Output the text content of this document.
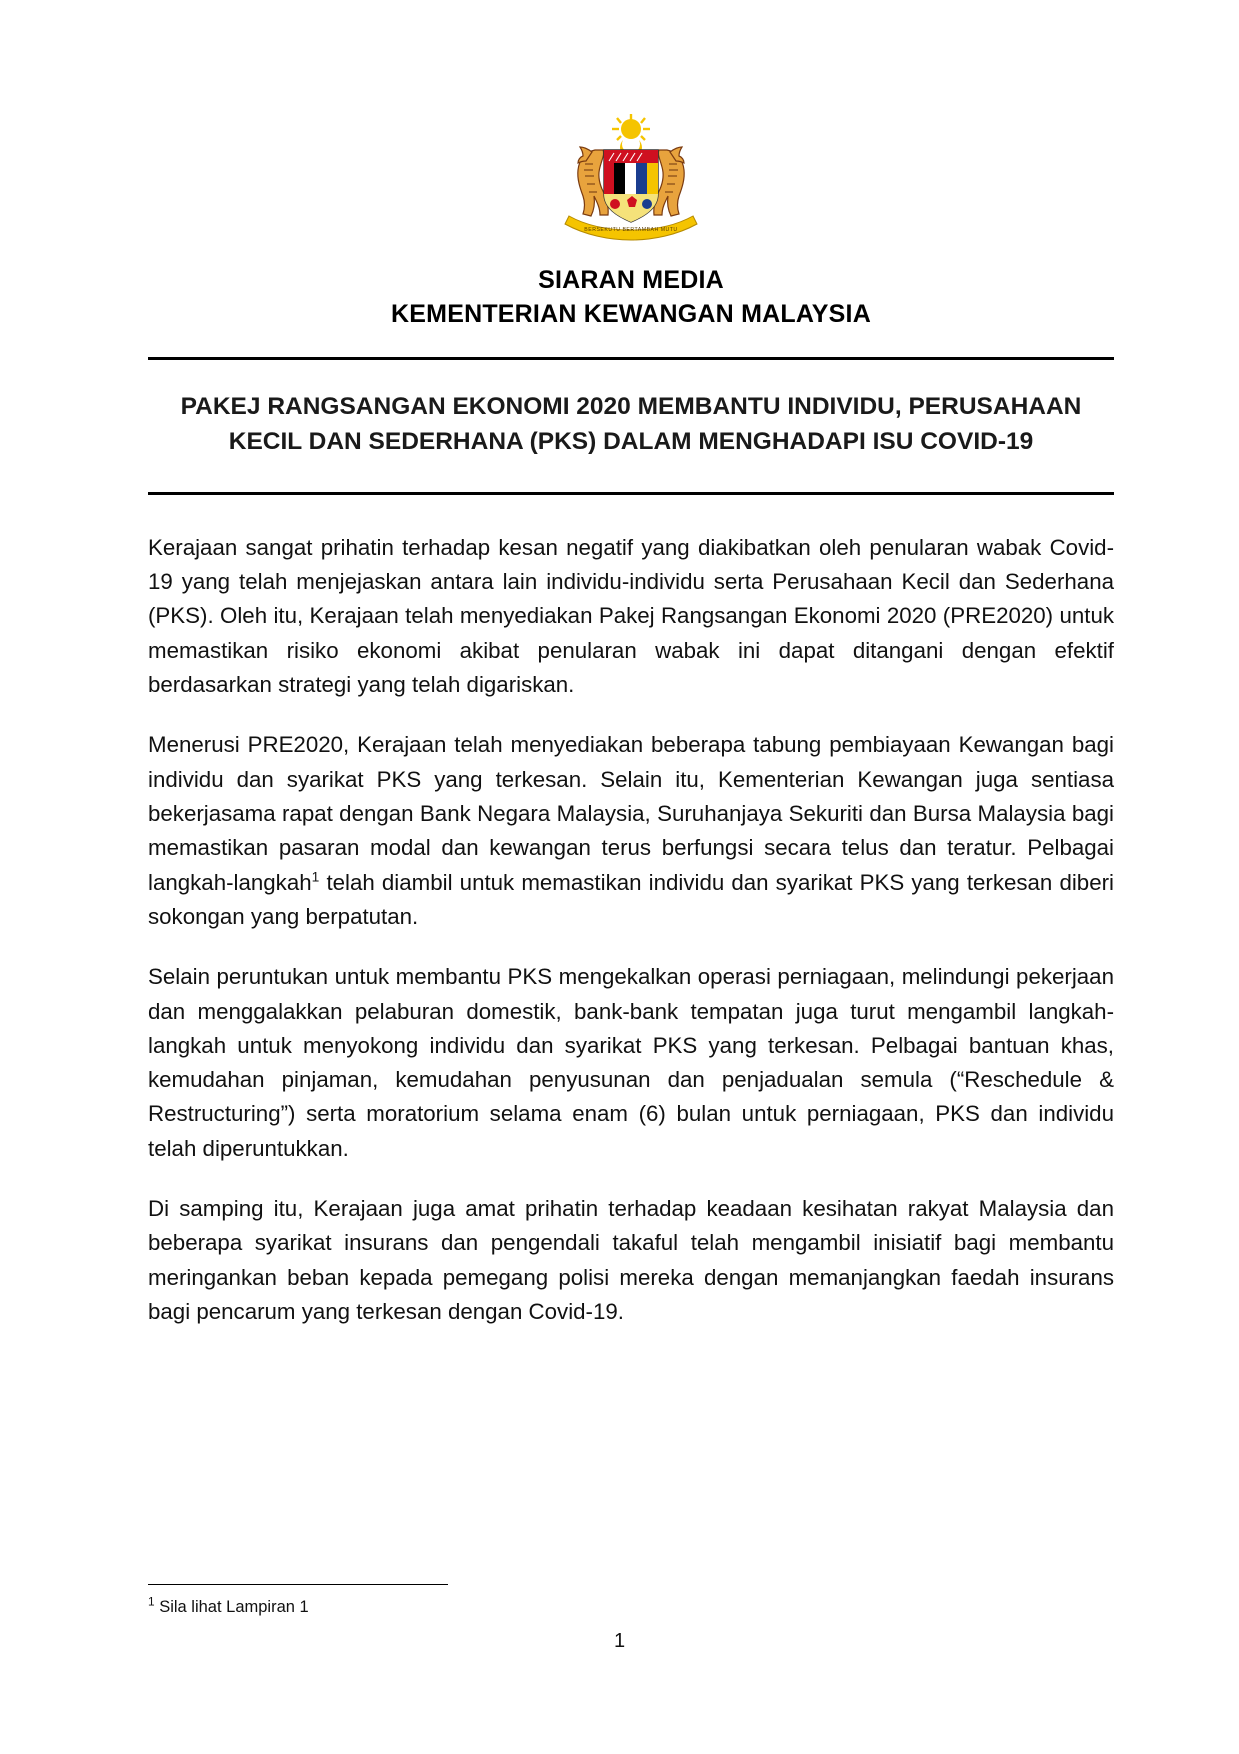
BERSEKUTU BERTAMBAH MUTU
SIARAN MEDIA
KEMENTERIAN KEWANGAN MALAYSIA
PAKEJ RANGSANGAN EKONOMI 2020 MEMBANTU INDIVIDU, PERUSAHAAN KECIL DAN SEDERHANA (PKS) DALAM MENGHADAPI ISU COVID-19

Kerajaan sangat prihatin terhadap kesan negatif yang diakibatkan oleh penularan wabak Covid-19 yang telah menjejaskan antara lain individu-individu serta Perusahaan Kecil dan Sederhana (PKS). Oleh itu, Kerajaan telah menyediakan Pakej Rangsangan Ekonomi 2020 (PRE2020) untuk memastikan risiko ekonomi akibat penularan wabak ini dapat ditangani dengan efektif berdasarkan strategi yang telah digariskan.

Menerusi PRE2020, Kerajaan telah menyediakan beberapa tabung pembiayaan Kewangan bagi individu dan syarikat PKS yang terkesan. Selain itu, Kementerian Kewangan juga sentiasa bekerjasama rapat dengan Bank Negara Malaysia, Suruhanjaya Sekuriti dan Bursa Malaysia bagi memastikan pasaran modal dan kewangan terus berfungsi secara telus dan teratur. Pelbagai langkah-langkah$^1$ telah diambil untuk memastikan individu dan syarikat PKS yang terkesan diberi sokongan yang berpatutan.

Selain peruntukan untuk membantu PKS mengekalkan operasi perniagaan, melindungi pekerjaan dan menggalakkan pelaburan domestik, bank-bank tempatan juga turut mengambil langkah-langkah untuk menyokong individu dan syarikat PKS yang terkesan. Pelbagai bantuan khas, kemudahan pinjaman, kemudahan penyusunan dan penjadualan semula (“Reschedule & Restructuring”) serta moratorium selama enam (6) bulan untuk perniagaan, PKS dan individu telah diperuntukkan.

Di samping itu, Kerajaan juga amat prihatin terhadap keadaan kesihatan rakyat Malaysia dan beberapa syarikat insurans dan pengendali takaful telah mengambil inisiatif bagi membantu meringankan beban kepada pemegang polisi mereka dengan memanjangkan faedah insurans bagi pencarum yang terkesan dengan Covid-19.

$^1$ Sila lihat Lampiran 1
1
